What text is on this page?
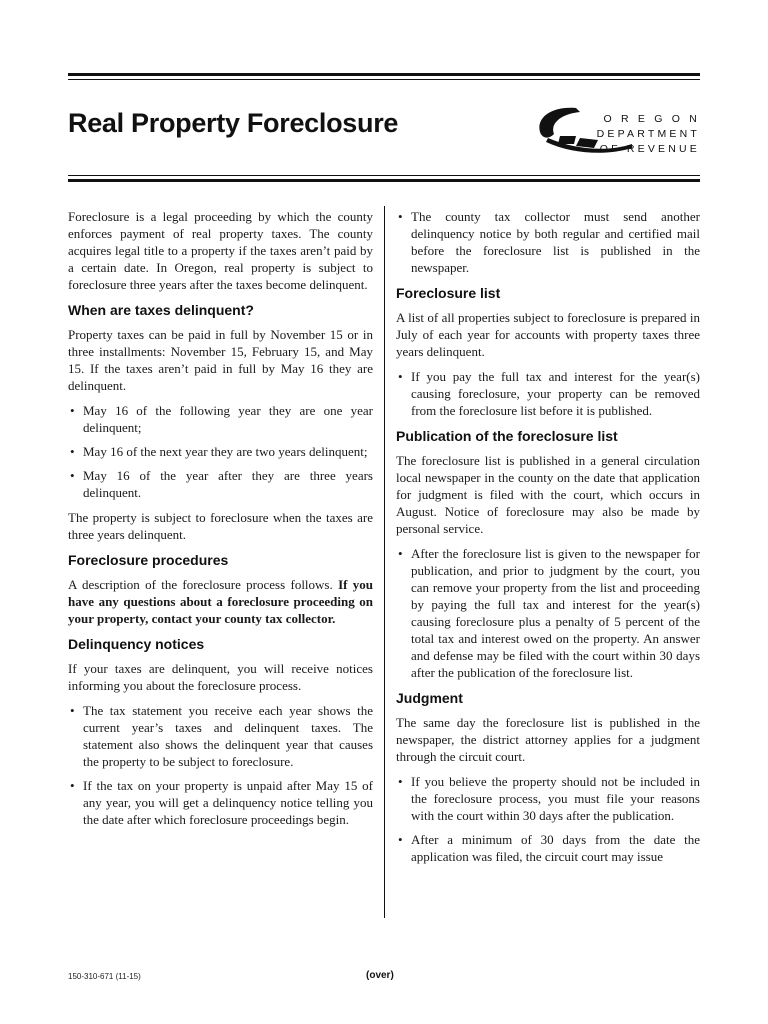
Real Property Foreclosure	O R E G O N
DEPARTMENT
OF REVENUE

Foreclosure is a legal proceeding by which the county enforces payment of real property taxes. The county acquires legal title to a property if the taxes aren’t paid by a certain date. In Oregon, real property is subject to foreclosure three years after the taxes become delinquent.

When are taxes delinquent?

Property taxes can be paid in full by November 15 or in three installments: November 15, February 15, and May 15. If the taxes aren’t paid in full by May 16 they are delinquent.

• May 16 of the following year they are one year delinquent;
• May 16 of the next year they are two years delinquent;
• May 16 of the year after they are three years delinquent.

The property is subject to foreclosure when the taxes are three years delinquent.

Foreclosure procedures

A description of the foreclosure process follows. If you have any questions about a foreclosure proceeding on your property, contact your county tax collector.

Delinquency notices

If your taxes are delinquent, you will receive notices informing you about the foreclosure process.

• The tax statement you receive each year shows the current year’s taxes and delinquent taxes. The statement also shows the delinquent year that causes the property to be subject to foreclosure.
• If the tax on your property is unpaid after May 15 of any year, you will get a delinquency notice telling you the date after which foreclosure proceedings begin.
• The county tax collector must send another delinquency notice by both regular and certified mail before the foreclosure list is published in the newspaper.
Foreclosure list

A list of all properties subject to foreclosure is prepared in July of each year for accounts with property taxes three years delinquent.

• If you pay the full tax and interest for the year(s) causing foreclosure, your property can be removed from the foreclosure list before it is published.
Publication of the foreclosure list

The foreclosure list is published in a general circulation local newspaper in the county on the date that application for judgment is filed with the court, which occurs in August. Notice of foreclosure may also be made by personal service.

• After the foreclosure list is given to the newspaper for publication, and prior to judgment by the court, you can remove your property from the list and proceeding by paying the full tax and interest for the year(s) causing foreclosure plus a penalty of 5 percent of the total tax and interest owed on the property. An answer and defense may be filed with the court within 30 days after the publication of the foreclosure list.
Judgment

The same day the foreclosure list is published in the newspaper, the district attorney applies for a judgment through the circuit court.

• If you believe the property should not be included in the foreclosure process, you must file your reasons with the court within 30 days after the publication.
• After a minimum of 30 days from the date the application was filed, the circuit court may issue
150-310-671 (11-15)	(over)
